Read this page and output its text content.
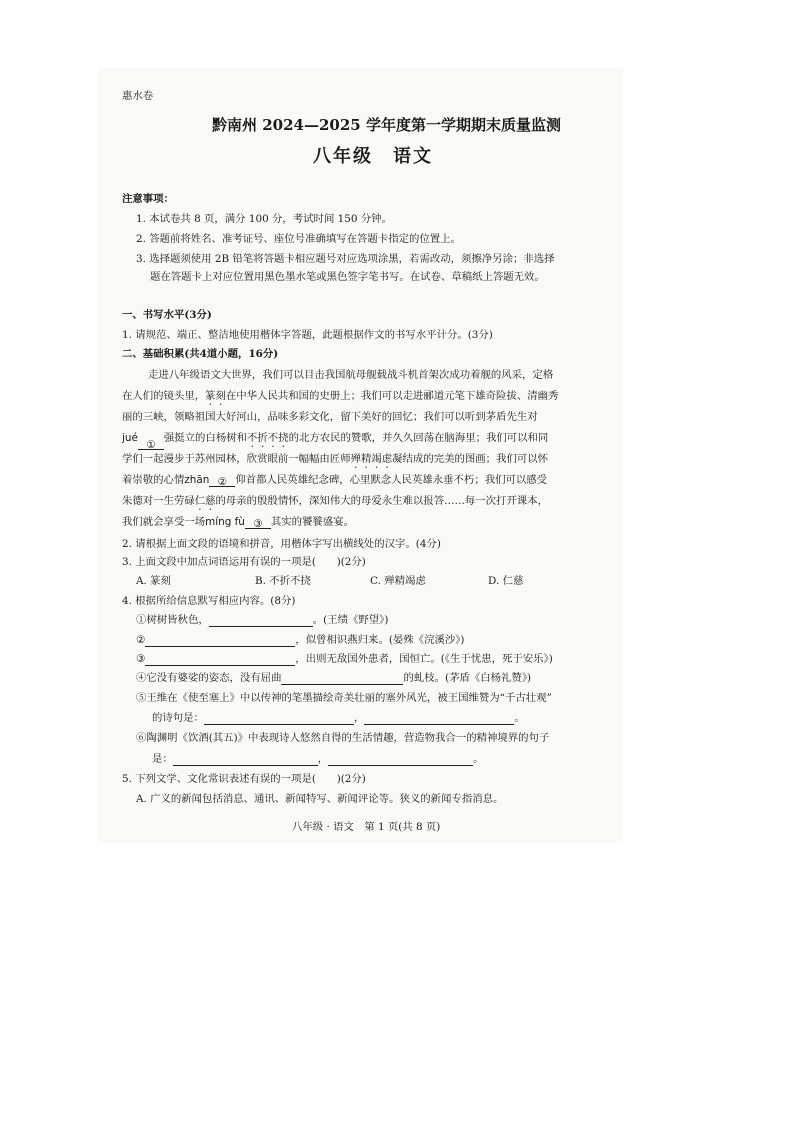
惠水卷
黔南州 2024—2025 学年度第一学期期末质量监测
八年级　语文
注意事项：
1. 本试卷共 8 页，满分 100 分，考试时间 150 分钟。
2. 答题前将姓名、准考证号、座位号准确填写在答题卡指定的位置上。
3. 选择题须使用 2B 铅笔将答题卡相应题号对应选项涂黑，若需改动，须擦净另涂；非选择
题在答题卡上对应位置用黑色墨水笔或黑色签字笔书写。在试卷、草稿纸上答题无效。
一、书写水平(3分)
1. 请规范、端正、整洁地使用楷体字答题，此题根据作文的书写水平计分。(3分)
二、基础积累(共4道小题，16分)
走进八年级语文大世界，我们可以目击我国航母舰载战斗机首架次成功着舰的风采，定格
在人们的镜头里，篆刻在中华人民共和国的史册上；我们可以走进郦道元笔下雄奇险拔、清幽秀
丽的三峡，领略祖国大好河山，品味多彩文化，留下美好的回忆；我们可以听到茅盾先生对
jué①强挺立的白杨树和不折不挠的北方农民的赞歌，并久久回荡在脑海里；我们可以和同
学们一起漫步于苏州园林，欣赏眼前一幅幅由匠师殚精竭虑凝结成的完美的图画；我们可以怀
着崇敬的心情zhān ② 仰首都人民英雄纪念碑，心里默念人民英雄永垂不朽；我们可以感受
朱德对一生劳碌仁慈的母亲的殷殷情怀，深知伟大的母爱永生难以报答……每一次打开课本，
我们就会享受一场míng fù ③ 其实的饕餮盛宴。
2. 请根据上面文段的语境和拼音，用楷体字写出横线处的汉字。(4分)
3. 上面文段中加点词语运用有误的一项是(　　)(2分)
A. 篆刻	B. 不折不挠	C. 殚精竭虑	D. 仁慈
4. 根据所给信息默写相应内容。(8分)
①树树皆秋色，	。(王绩《野望》)
②	，似曾相识燕归来。(晏殊《浣溪沙》)
③	，出则无敌国外患者，国恒亡。(《生于忧患，死于安乐》)
④它没有婆娑的姿态，没有屈曲	的虬枝。(茅盾《白杨礼赞》)
⑤王维在《使至塞上》中以传神的笔墨描绘奇美壮丽的塞外风光，被王国维赞为“千古壮观”
的诗句是：	，	。
⑥陶渊明《饮酒(其五)》中表现诗人悠然自得的生活情趣，营造物我合一的精神境界的句子
是：	，	。
5. 下列文学、文化常识表述有误的一项是(　　)(2分)
A. 广义的新闻包括消息、通讯、新闻特写、新闻评论等。狭义的新闻专指消息。
八年级 · 语文　第 1 页(共 8 页)
